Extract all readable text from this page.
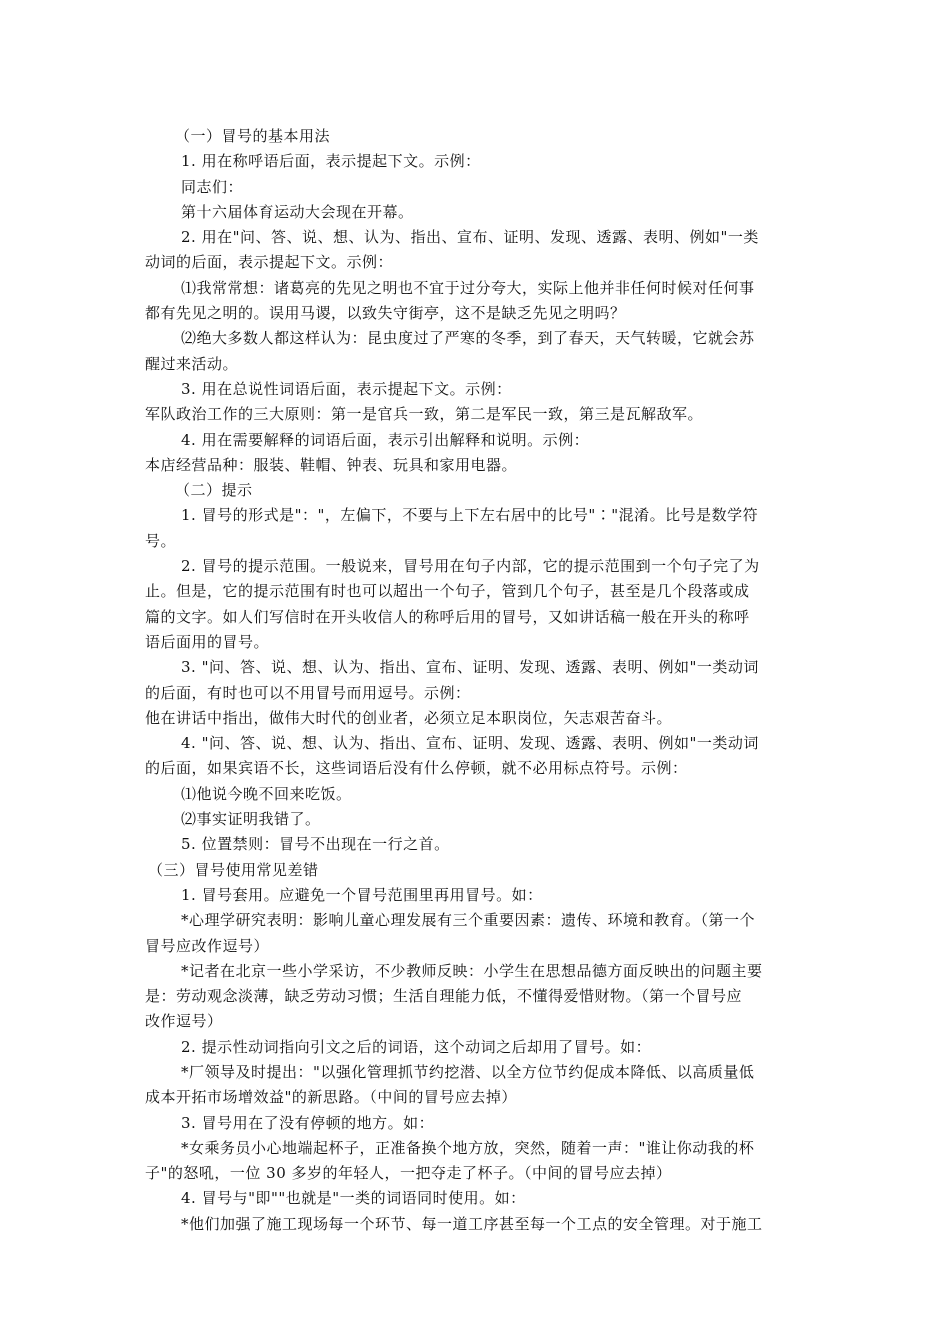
（一）冒号的基本用法
1. 用在称呼语后面，表示提起下文。示例：
同志们：
第十六届体育运动大会现在开幕。
2. 用在"问、答、说、想、认为、指出、宣布、证明、发现、透露、表明、例如"一类
动词的后面，表示提起下文。示例：
⑴我常常想：诸葛亮的先见之明也不宜于过分夸大，实际上他并非任何时候对任何事
都有先见之明的。误用马谡，以致失守街亭，这不是缺乏先见之明吗？
⑵绝大多数人都这样认为：昆虫度过了严寒的冬季，到了春天，天气转暖，它就会苏
醒过来活动。
3. 用在总说性词语后面，表示提起下文。示例：
军队政治工作的三大原则：第一是官兵一致，第二是军民一致，第三是瓦解敌军。
4. 用在需要解释的词语后面，表示引出解释和说明。示例：
本店经营品种：服装、鞋帽、钟表、玩具和家用电器。
（二）提示
1. 冒号的形式是"："，左偏下，不要与上下左右居中的比号"∶"混淆。比号是数学符
号。
2. 冒号的提示范围。一般说来，冒号用在句子内部，它的提示范围到一个句子完了为
止。但是，它的提示范围有时也可以超出一个句子，管到几个句子，甚至是几个段落或成
篇的文字。如人们写信时在开头收信人的称呼后用的冒号，又如讲话稿一般在开头的称呼
语后面用的冒号。
3. "问、答、说、想、认为、指出、宣布、证明、发现、透露、表明、例如"一类动词
的后面，有时也可以不用冒号而用逗号。示例：
他在讲话中指出，做伟大时代的创业者，必须立足本职岗位，矢志艰苦奋斗。
4. "问、答、说、想、认为、指出、宣布、证明、发现、透露、表明、例如"一类动词
的后面，如果宾语不长，这些词语后没有什么停顿，就不必用标点符号。示例：
⑴他说今晚不回来吃饭。
⑵事实证明我错了。
5. 位置禁则：冒号不出现在一行之首。
（三）冒号使用常见差错
1. 冒号套用。应避免一个冒号范围里再用冒号。如：
*心理学研究表明：影响儿童心理发展有三个重要因素：遗传、环境和教育。（第一个
冒号应改作逗号）
*记者在北京一些小学采访，不少教师反映：小学生在思想品德方面反映出的问题主要
是：劳动观念淡薄，缺乏劳动习惯；生活自理能力低，不懂得爱惜财物。（第一个冒号应
改作逗号）
2. 提示性动词指向引文之后的词语，这个动词之后却用了冒号。如：
*厂领导及时提出："以强化管理抓节约挖潜、以全方位节约促成本降低、以高质量低
成本开拓市场增效益"的新思路。（中间的冒号应去掉）
3. 冒号用在了没有停顿的地方。如：
*女乘务员小心地端起杯子，正准备换个地方放，突然，随着一声："谁让你动我的杯
子"的怒吼，一位 30 多岁的年轻人，一把夺走了杯子。（中间的冒号应去掉）
4. 冒号与"即""也就是"一类的词语同时使用。如：
*他们加强了施工现场每一个环节、每一道工序甚至每一个工点的安全管理。对于施工
